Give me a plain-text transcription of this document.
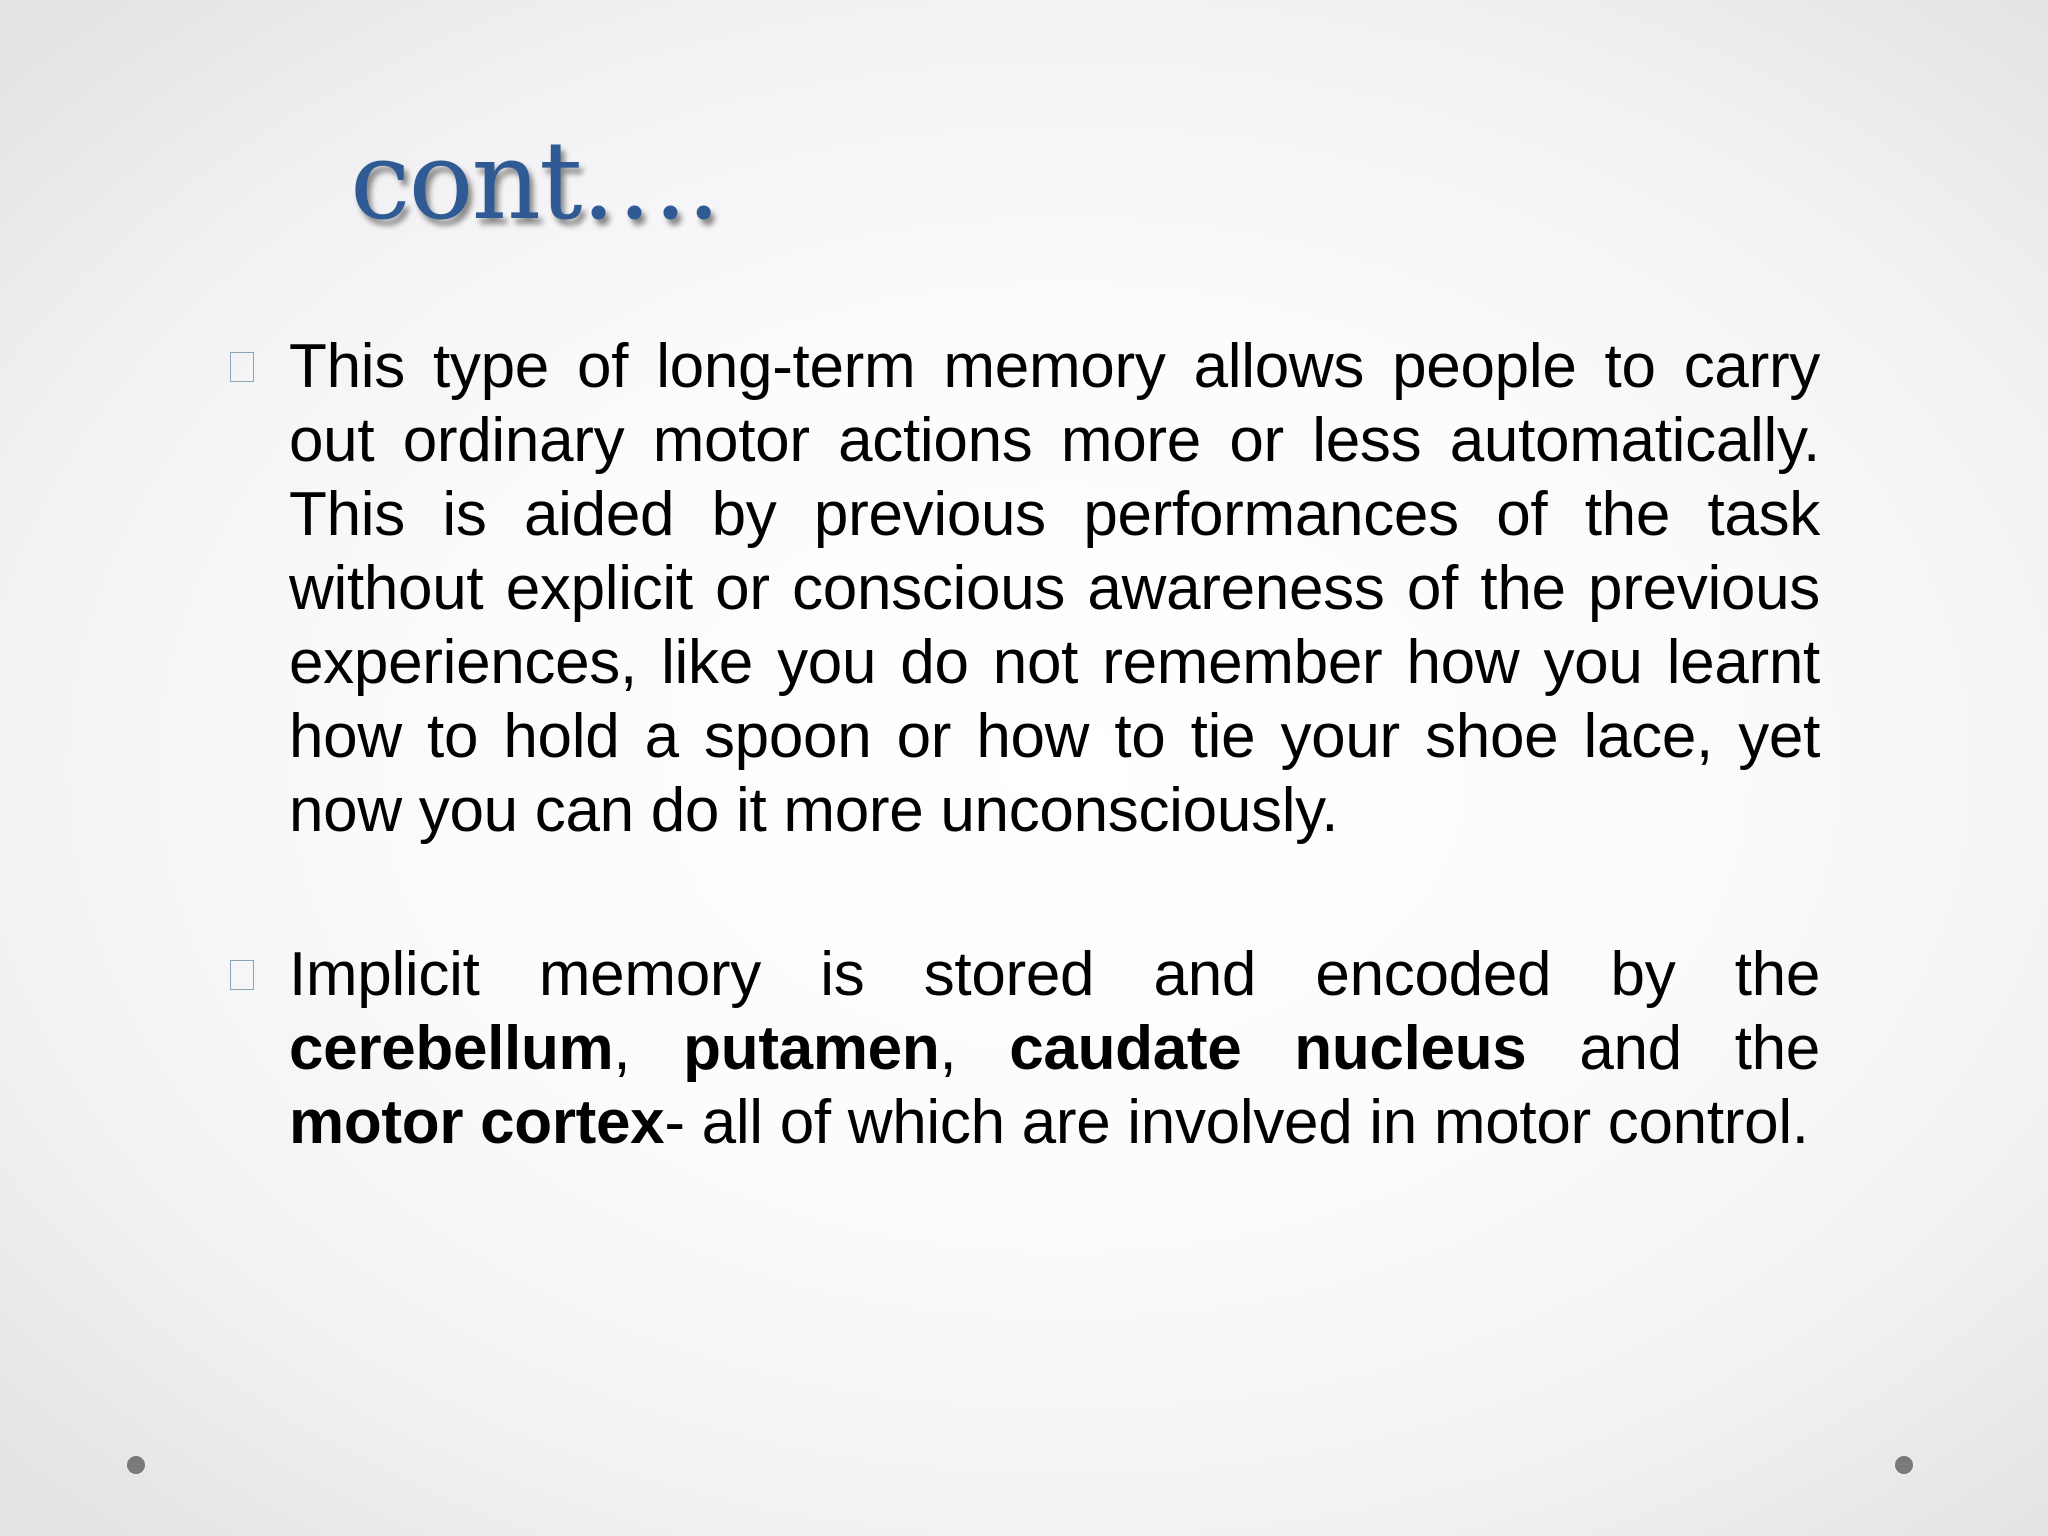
cont….

This type of long-term memory allows people to carry out ordinary motor actions more or less automatically. This is aided by previous performances of the task without explicit or conscious awareness of the previous experiences, like you do not remember how you learnt how to hold a spoon or how to tie your shoe lace, yet now you can do it more unconsciously.

Implicit memory is stored and encoded by the cerebellum, putamen, caudate nucleus and the motor cortex- all of which are involved in motor control.
